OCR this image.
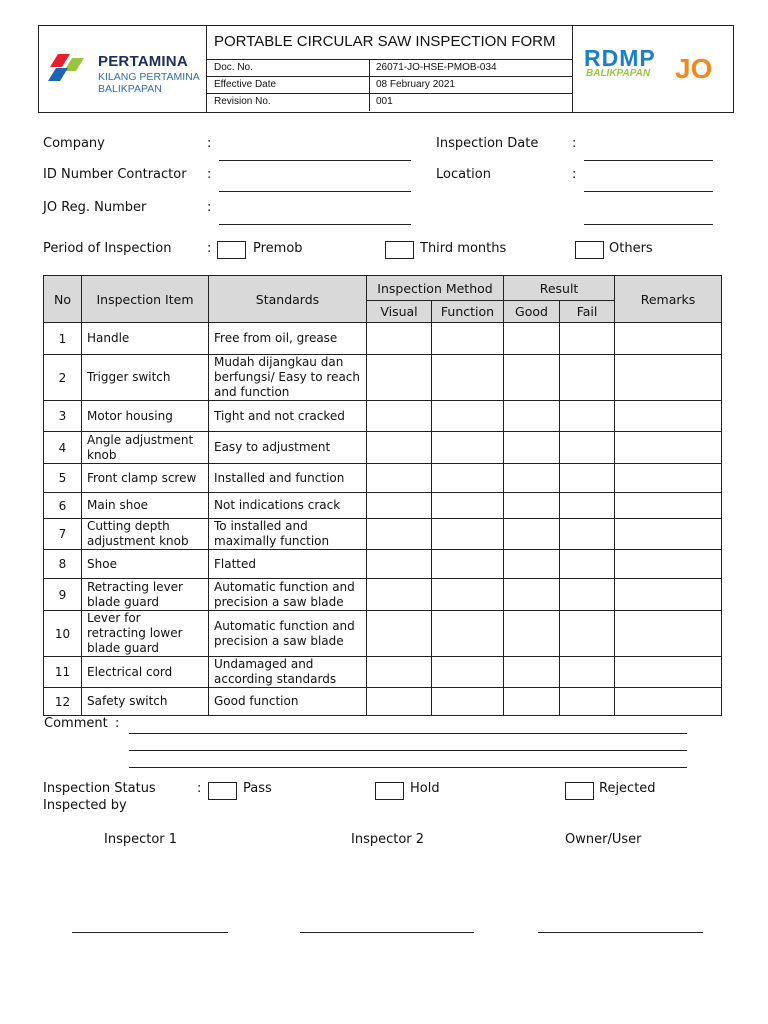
PERTAMINA
KILANG PERTAMINA
BALIKPAPAN
RDMP
BALIKPAPAN JO
PORTABLE CIRCULAR SAW INSPECTION FORM
Doc. No.	26071-JO-HSE-PMOB-034
Effective Date	08 February 2021
Revision No.	001
Company	:
ID Number Contractor :
JO Reg. Number	:
Inspection Date	:
Location	:
Period of Inspection	:	Premob	Third months	Others
No	Inspection Item	Standards	Inspection Method		Result		Remarks
			Visual	Function	Good	Fail	
1	Handle	Free from oil, grease					
2	Trigger switch	Mudah dijangkau dan berfungsi/ Easy to reach and function					
3	Motor housing	Tight and not cracked					
4	Angle adjustment knob	Easy to adjustment					
5	Front clamp screw	Installed and function					
6	Main shoe	Not indications crack					
7	Cutting depth adjustment knob	To installed and maximally function					
8	Shoe	Flatted					
9	Retracting lever blade guard	Automatic function and precision a saw blade					
10	Lever for retracting lower blade guard	Automatic function and precision a saw blade					
11	Electrical cord	Undamaged and according standards					
12	Safety switch	Good function					
Comment :
Inspection Status	:	Pass	Hold	Rejected
Inspected by
Inspector 1	Inspector 2	Owner/User
